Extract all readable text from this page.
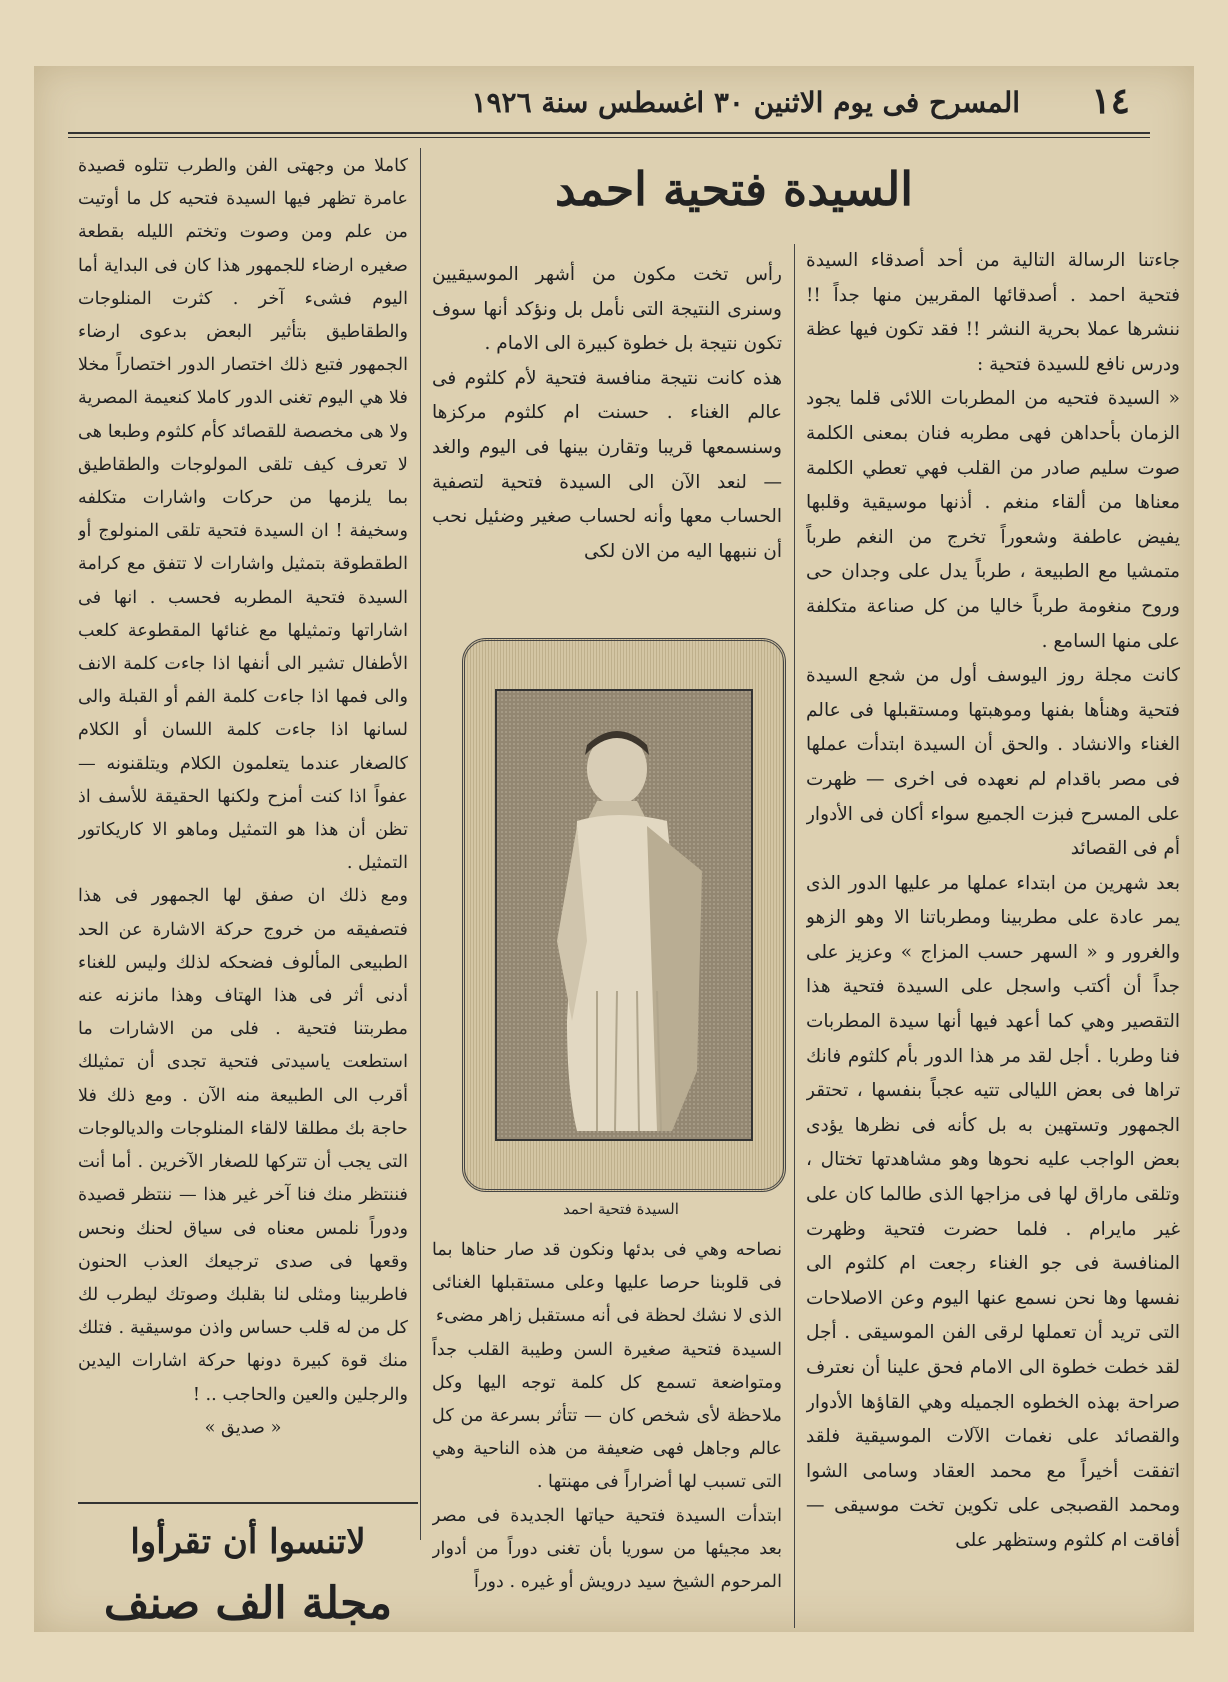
١٤
المسرح فى يوم الاثنين ٣٠ اغسطس سنة ١٩٢٦
السيدة فتحية احمد

جاءتنا الرسالة التالية من أحد أصدقاء السيدة فتحية احمد . أصدقائها المقربين منها جداً !! ننشرها عملا بحرية النشر !! فقد تكون فيها عظة ودرس نافع للسيدة فتحية :

« السيدة فتحيه من المطربات اللائى قلما يجود الزمان بأحداهن فهى مطربه فنان بمعنى الكلمة صوت سليم صادر من القلب فهي تعطي الكلمة معناها من ألقاء منغم . أذنها موسيقية وقلبها يفيض عاطفة وشعوراً تخرج من النغم طرباً متمشيا مع الطبيعة ، طرباً يدل على وجدان حى وروح منغومة طرباً خاليا من كل صناعة متكلفة على منها السامع .

كانت مجلة روز اليوسف أول من شجع السيدة فتحية وهنأها بفنها وموهبتها ومستقبلها فى عالم الغناء والانشاد . والحق أن السيدة ابتدأت عملها فى مصر باقدام لم نعهده فى اخرى — ظهرت على المسرح فبزت الجميع سواء أكان فى الأدوار أم فى القصائد

بعد شهرين من ابتداء عملها مر عليها الدور الذى يمر عادة على مطربينا ومطرباتنا الا وهو الزهو والغرور و « السهر حسب المزاج » وعزيز على جداً أن أكتب واسجل على السيدة فتحية هذا التقصير وهي كما أعهد فيها أنها سيدة المطربات فنا وطربا . أجل لقد مر هذا الدور بأم كلثوم فانك تراها فى بعض الليالى تتيه عجباً بنفسها ، تحتقر الجمهور وتستهين به بل كأنه فى نظرها يؤدى بعض الواجب عليه نحوها وهو مشاهدتها تختال ، وتلقى ماراق لها فى مزاجها الذى طالما كان على غير مايرام . فلما حضرت فتحية وظهرت المنافسة فى جو الغناء رجعت ام كلثوم الى نفسها وها نحن نسمع عنها اليوم وعن الاصلاحات التى تريد أن تعملها لرقى الفن الموسيقى . أجل لقد خطت خطوة الى الامام فحق علينا أن نعترف صراحة بهذه الخطوه الجميله وهي القاؤها الأدوار والقصائد على نغمات الآلات الموسيقية فلقد اتفقت أخيراً مع محمد العقاد وسامى الشوا ومحمد القصبجى على تكوين تخت موسيقى — أفاقت ام كلثوم وستظهر على

رأس تخت مكون من أشهر الموسيقيين وسنرى النتيجة التى نأمل بل ونؤكد أنها سوف تكون نتيجة بل خطوة كبيرة الى الامام .

هذه كانت نتيجة منافسة فتحية لأم كلثوم فى عالم الغناء . حسنت ام كلثوم مركزها وسنسمعها قريبا وتقارن بينها فى اليوم والغد — لنعد الآن الى السيدة فتحية لتصفية الحساب معها وأنه لحساب صغير وضئيل نحب أن ننبهها اليه من الان لكى

السيدة فتحية احمد

نصاحه وهي فى بدئها ونكون قد صار حناها بما فى قلوبنا حرصا عليها وعلى مستقبلها الغنائى الذى لا نشك لحظة فى أنه مستقبل زاهر مضىء

السيدة فتحية صغيرة السن وطيبة القلب جداً ومتواضعة تسمع كل كلمة توجه اليها وكل ملاحظة لأى شخص كان — تتأثر بسرعة من كل عالم وجاهل فهى ضعيفة من هذه الناحية وهي التى تسبب لها أضراراً فى مهنتها .

ابتدأت السيدة فتحية حياتها الجديدة فى مصر بعد مجيئها من سوريا بأن تغنى دوراً من أدوار المرحوم الشيخ سيد درويش أو غيره . دوراً

كاملا من وجهتى الفن والطرب تتلوه قصيدة عامرة تظهر فيها السيدة فتحيه كل ما أوتيت من علم ومن وصوت وتختم الليله بقطعة صغيره ارضاء للجمهور هذا كان فى البداية أما اليوم فشىء آخر . كثرت المنلوجات والطقاطيق بتأثير البعض بدعوى ارضاء الجمهور فتبع ذلك اختصار الدور اختصاراً مخلا فلا هي اليوم تغنى الدور كاملا كنعيمة المصرية ولا هى مخصصة للقصائد كأم كلثوم وطبعا هى لا تعرف كيف تلقى المولوجات والطقاطيق بما يلزمها من حركات واشارات متكلفه وسخيفة ! ان السيدة فتحية تلقى المنولوج أو الطقطوقة بتمثيل واشارات لا تتفق مع كرامة السيدة فتحية المطربه فحسب . انها فى اشاراتها وتمثيلها مع غنائها المقطوعة كلعب الأطفال تشير الى أنفها اذا جاءت كلمة الانف والى فمها اذا جاءت كلمة الفم أو القبلة والى لسانها اذا جاءت كلمة اللسان أو الكلام كالصغار عندما يتعلمون الكلام ويتلقنونه — عفواً اذا كنت أمزح ولكنها الحقيقة للأسف اذ تظن أن هذا هو التمثيل وماهو الا كاريكاتور التمثيل .

ومع ذلك ان صفق لها الجمهور فى هذا فتصفيقه من خروج حركة الاشارة عن الحد الطبيعى المألوف فضحكه لذلك وليس للغناء أدنى أثر فى هذا الهتاف وهذا مانزنه عنه مطربتنا فتحية . فلى من الاشارات ما استطعت ياسيدتى فتحية تجدى أن تمثيلك أقرب الى الطبيعة منه الآن . ومع ذلك فلا حاجة بك مطلقا لالقاء المنلوجات والديالوجات التى يجب أن تتركها للصغار الآخرين . أما أنت فننتظر منك فنا آخر غير هذا — ننتظر قصيدة ودوراً نلمس معناه فى سياق لحنك ونحس وقعها فى صدى ترجيعك العذب الحنون فاطربينا ومثلى لنا بقلبك وصوتك ليطرب لك كل من له قلب حساس واذن موسيقية . فتلك منك قوة كبيرة دونها حركة اشارات اليدين والرجلين والعين والحاجب .. !

« صديق »

لاتنسوا أن تقرأوا
مجلة الف صنف
